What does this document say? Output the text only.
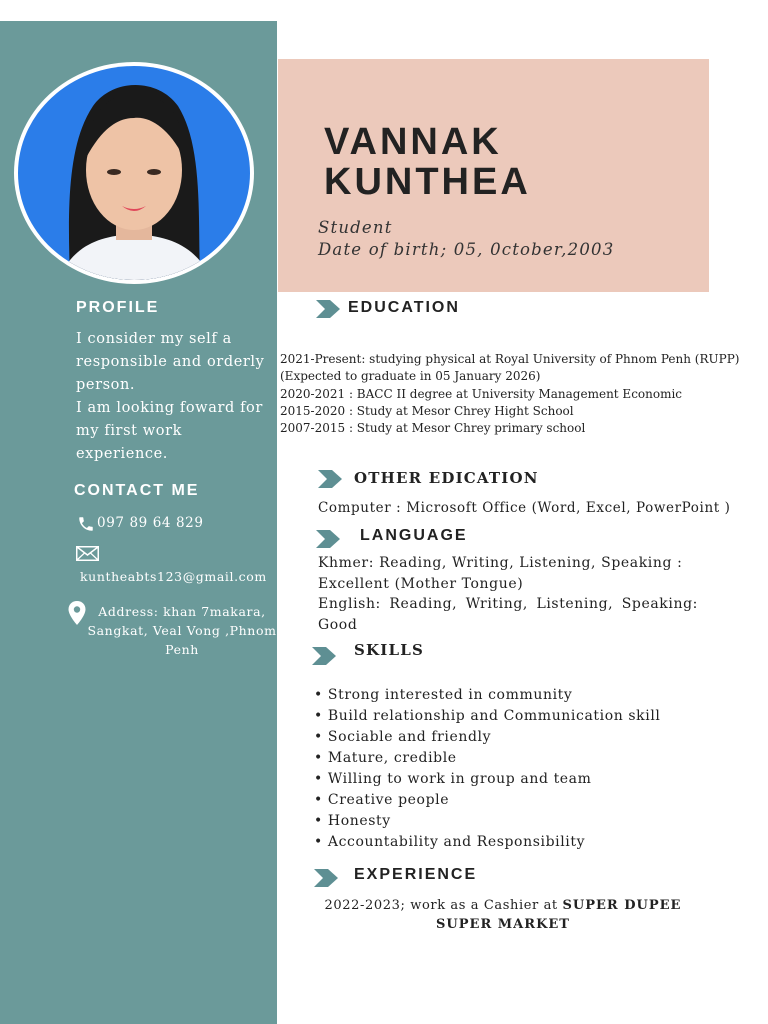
PROFILE
I consider my self a
responsible and orderly
person.
I am looking foward for
my first work
experience.
CONTACT ME
097 89 64 829
kuntheabts123@gmail.com
Address: khan 7makara,
Sangkat, Veal Vong ,Phnom
Penh
VANNAK
KUNTHEA
Student
Date of birth; 05, 0ctober,2003
EDUCATION
2021-Present: studying physical at Royal University of Phnom Penh (RUPP)
(Expected to graduate in 05 January 2026)
2020-2021 : BACC II degree at University Management Economic
2015-2020 : Study at Mesor Chrey Hight School
2007-2015 : Study at Mesor Chrey primary school
OTHER EDICATION
Computer : Microsoft Office (Word, Excel, PowerPoint )
LANGUAGE
Khmer: Reading, Writing, Listening, Speaking :
Excellent (Mother Tongue)
English: Reading, Writing, Listening, Speaking:
Good
SKILLS
• Strong interested in community
• Build relationship and Communication skill
• Sociable and friendly
• Mature, credible
• Willing to work in group and team
• Creative people
• Honesty
• Accountability and Responsibility
EXPERIENCE
2022-2023; work as a Cashier at SUPER DUPEE
SUPER MARKET
